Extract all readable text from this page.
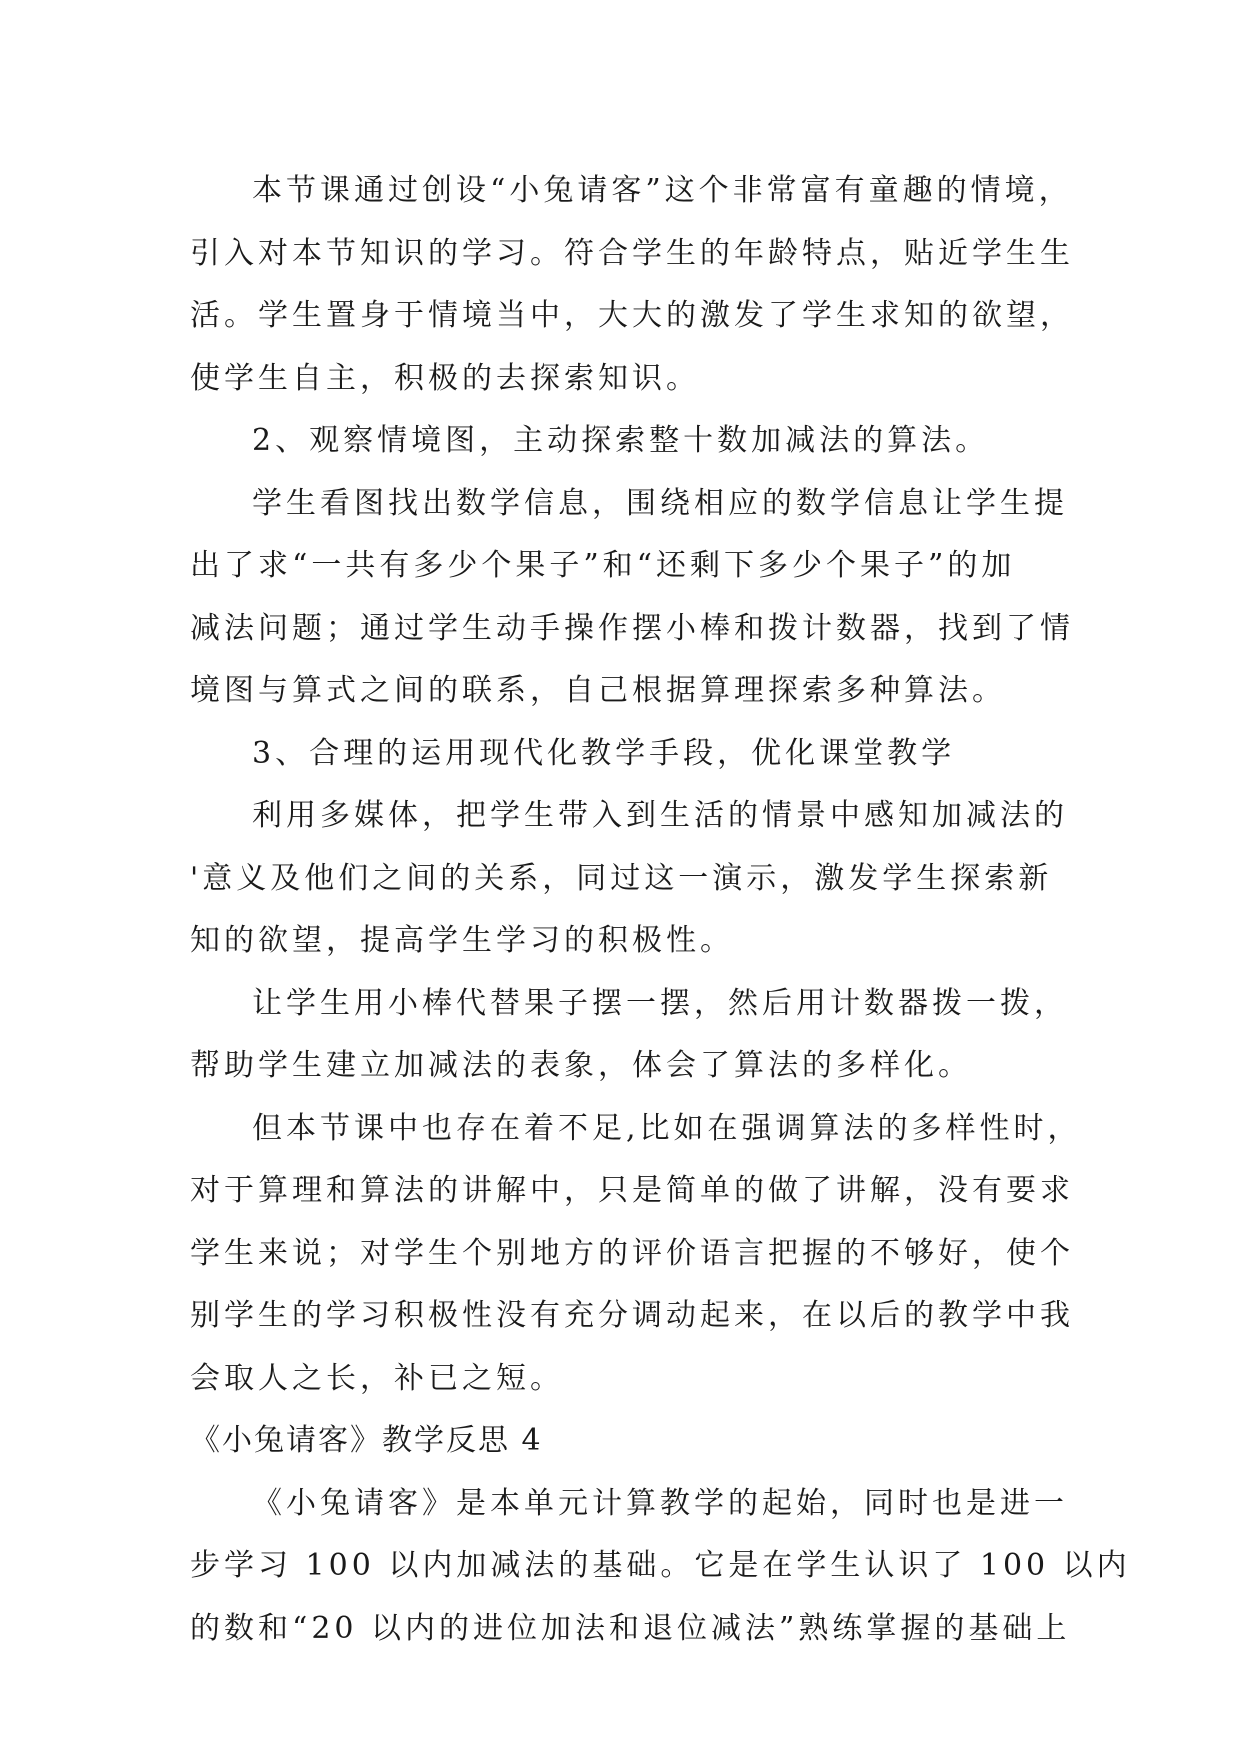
本节课通过创设“小兔请客”这个非常富有童趣的情境，
引入对本节知识的学习。符合学生的年龄特点，贴近学生生
活。学生置身于情境当中，大大的激发了学生求知的欲望，
使学生自主，积极的去探索知识。
2、观察情境图，主动探索整十数加减法的算法。
学生看图找出数学信息，围绕相应的数学信息让学生提
出了求“一共有多少个果子”和“还剩下多少个果子”的加
减法问题；通过学生动手操作摆小棒和拨计数器，找到了情
境图与算式之间的联系，自己根据算理探索多种算法。
3、合理的运用现代化教学手段，优化课堂教学
利用多媒体，把学生带入到生活的情景中感知加减法的
'意义及他们之间的关系，同过这一演示，激发学生探索新
知的欲望，提高学生学习的积极性。
让学生用小棒代替果子摆一摆，然后用计数器拨一拨，
帮助学生建立加减法的表象，体会了算法的多样化。
但本节课中也存在着不足,比如在强调算法的多样性时，
对于算理和算法的讲解中，只是简单的做了讲解，没有要求
学生来说；对学生个别地方的评价语言把握的不够好，使个
别学生的学习积极性没有充分调动起来，在以后的教学中我
会取人之长，补已之短。
《小兔请客》教学反思 4
《小兔请客》是本单元计算教学的起始，同时也是进一
步学习 100 以内加减法的基础。它是在学生认识了 100 以内
的数和“20 以内的进位加法和退位减法”熟练掌握的基础上
